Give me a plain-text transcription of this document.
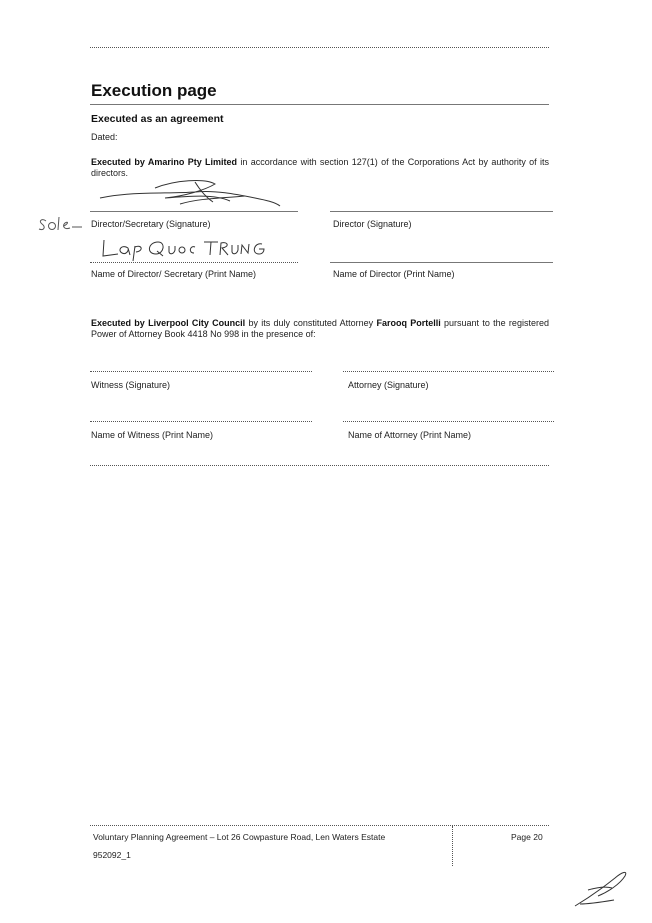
Execution page
Executed as an agreement
Dated:
Executed by Amarino Pty Limited in accordance with section 127(1) of the Corporations Act by authority of its directors.
Director/Secretary (Signature)	Director (Signature)
Name of Director/ Secretary (Print Name)	Name of Director (Print Name)
Executed by Liverpool City Council by its duly constituted Attorney Farooq Portelli pursuant to the registered Power of Attorney Book 4418 No 998 in the presence of:
Witness (Signature)	Attorney (Signature)
Name of Witness (Print Name)	Name of Attorney (Print Name)
Voluntary Planning Agreement – Lot 26 Cowpasture Road, Len Waters Estate
952092_1
Page 20
